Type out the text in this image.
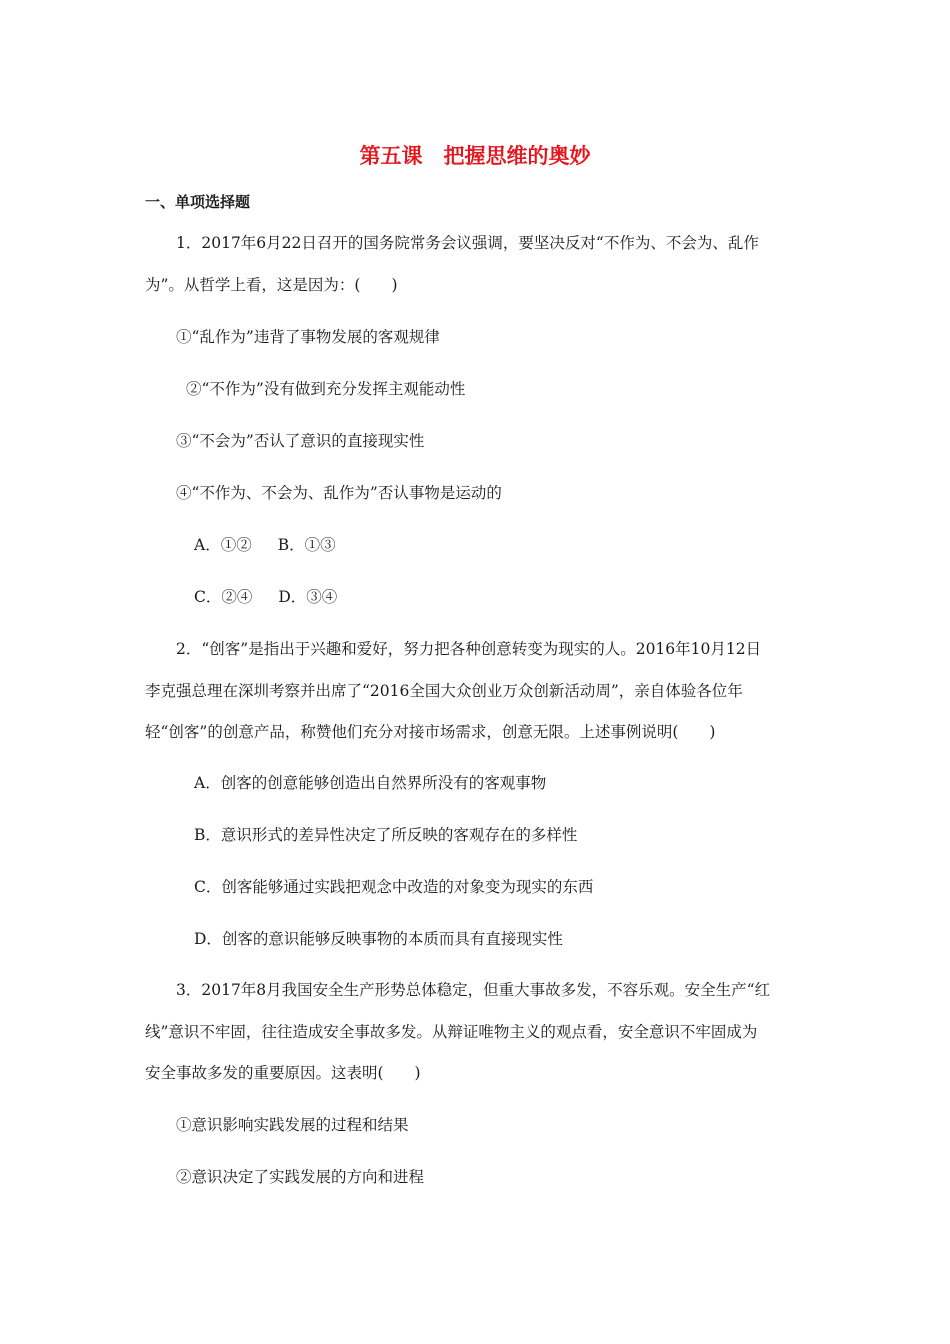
第五课　把握思维的奥妙
一、单项选择题
1．2017年6月22日召开的国务院常务会议强调，要坚决反对“不作为、不会为、乱作
为”。从哲学上看，这是因为：(　　)
①“乱作为”违背了事物发展的客观规律
②“不作为”没有做到充分发挥主观能动性
③“不会为”否认了意识的直接现实性
④“不作为、不会为、乱作为”否认事物是运动的
A．①② B．①③
C．②④ D．③④
2．“创客”是指出于兴趣和爱好，努力把各种创意转变为现实的人。2016年10月12日
李克强总理在深圳考察并出席了“2016全国大众创业万众创新活动周”，亲自体验各位年
轻“创客”的创意产品，称赞他们充分对接市场需求，创意无限。上述事例说明(　　)
A．创客的创意能够创造出自然界所没有的客观事物
B．意识形式的差异性决定了所反映的客观存在的多样性
C．创客能够通过实践把观念中改造的对象变为现实的东西
D．创客的意识能够反映事物的本质而具有直接现实性
3．2017年8月我国安全生产形势总体稳定，但重大事故多发，不容乐观。安全生产“红
线”意识不牢固，往往造成安全事故多发。从辩证唯物主义的观点看，安全意识不牢固成为
安全事故多发的重要原因。这表明(　　)
①意识影响实践发展的过程和结果
②意识决定了实践发展的方向和进程
